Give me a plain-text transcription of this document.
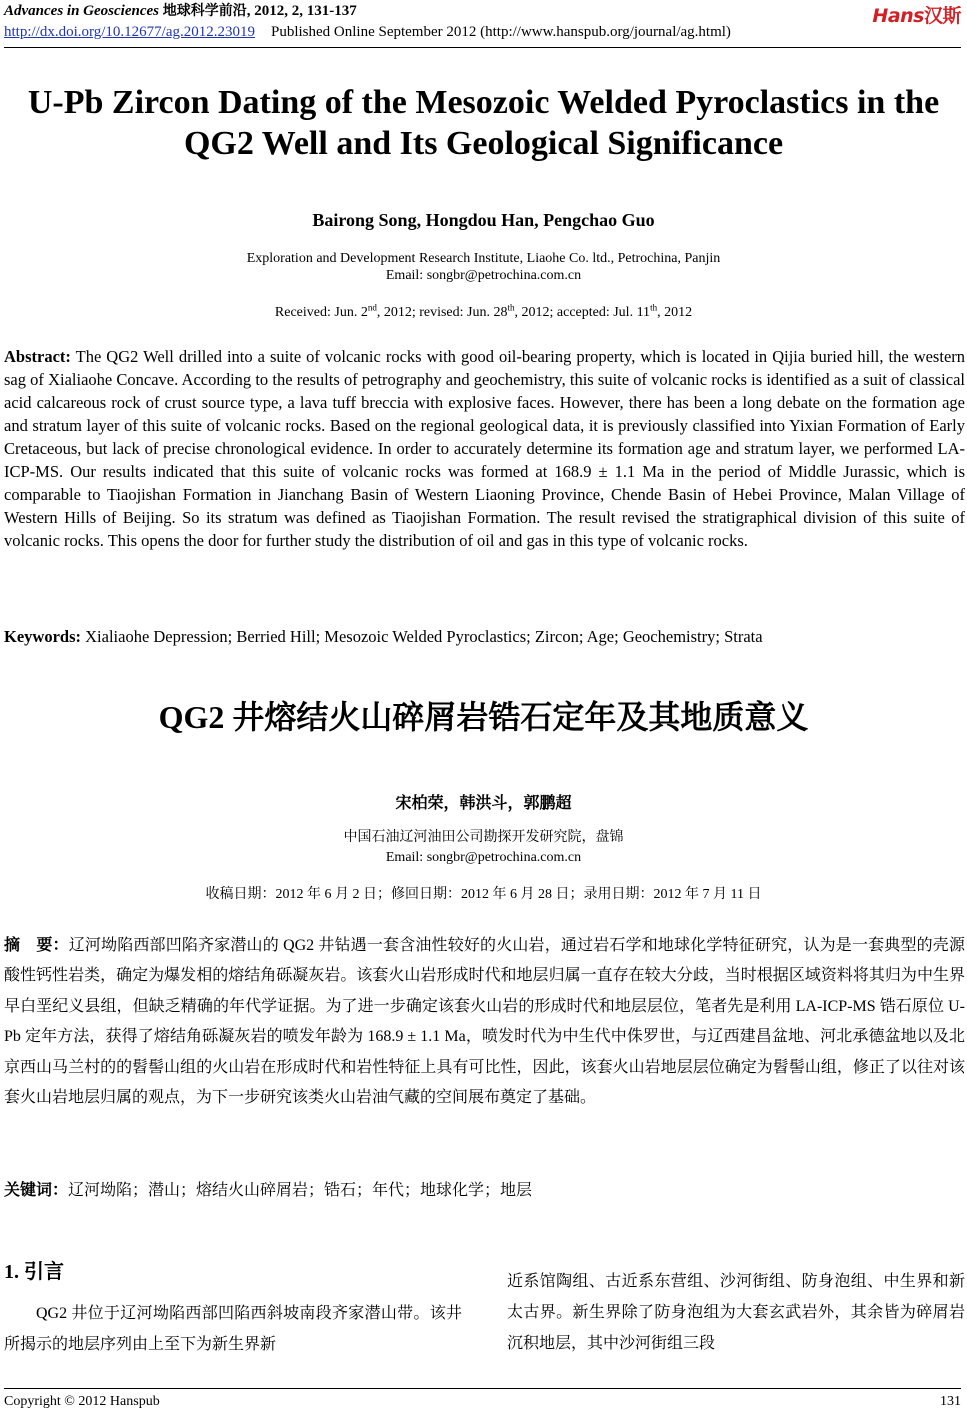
Advances in Geosciences 地球科学前沿, 2012, 2, 131-137	Hans汉斯
http://dx.doi.org/10.12677/ag.2012.23019 Published Online September 2012 (http://www.hanspub.org/journal/ag.html)
U-Pb Zircon Dating of the Mesozoic Welded Pyroclastics in the QG2 Well and Its Geological Significance
Bairong Song, Hongdou Han, Pengchao Guo
Exploration and Development Research Institute, Liaohe Co. ltd., Petrochina, Panjin
Email: songbr@petrochina.com.cn
Received: Jun. 2nd, 2012; revised: Jun. 28th, 2012; accepted: Jul. 11th, 2012
Abstract: The QG2 Well drilled into a suite of volcanic rocks with good oil-bearing property, which is located in Qijia buried hill, the western sag of Xialiaohe Concave. According to the results of petrography and geochemistry, this suite of volcanic rocks is identified as a suit of classical acid calcareous rock of crust source type, a lava tuff breccia with explosive faces. However, there has been a long debate on the formation age and stratum layer of this suite of volcanic rocks. Based on the regional geological data, it is previously classified into Yixian Formation of Early Cretaceous, but lack of precise chronological evidence. In order to accurately determine its formation age and stratum layer, we performed LA-ICP-MS. Our results indicated that this suite of volcanic rocks was formed at 168.9 ± 1.1 Ma in the period of Middle Jurassic, which is comparable to Tiaojishan Formation in Jianchang Basin of Western Liaoning Province, Chende Basin of Hebei Province, Malan Village of Western Hills of Beijing. So its stratum was defined as Tiaojishan Formation. The result revised the stratigraphical division of this suite of volcanic rocks. This opens the door for further study the distribution of oil and gas in this type of volcanic rocks.
Keywords: Xialiaohe Depression; Berried Hill; Mesozoic Welded Pyroclastics; Zircon; Age; Geochemistry; Strata
QG2 井熔结火山碎屑岩锆石定年及其地质意义
宋柏荣，韩洪斗，郭鹏超
中国石油辽河油田公司勘探开发研究院，盘锦
Email: songbr@petrochina.com.cn
收稿日期：2012 年 6 月 2 日；修回日期：2012 年 6 月 28 日；录用日期：2012 年 7 月 11 日
摘　要：辽河坳陷西部凹陷齐家潜山的 QG2 井钻遇一套含油性较好的火山岩，通过岩石学和地球化学特征研究，认为是一套典型的壳源酸性钙性岩类，确定为爆发相的熔结角砾凝灰岩。该套火山岩形成时代和地层归属一直存在较大分歧，当时根据区域资料将其归为中生界早白垩纪义县组，但缺乏精确的年代学证据。为了进一步确定该套火山岩的形成时代和地层层位，笔者先是利用 LA-ICP-MS 锆石原位 U-Pb 定年方法，获得了熔结角砾凝灰岩的喷发年龄为 168.9 ± 1.1 Ma，喷发时代为中生代中侏罗世，与辽西建昌盆地、河北承德盆地以及北京西山马兰村的的髫髻山组的火山岩在形成时代和岩性特征上具有可比性，因此，该套火山岩地层层位确定为髫髻山组，修正了以往对该套火山岩地层归属的观点，为下一步研究该类火山岩油气藏的空间展布奠定了基础。
关键词：辽河坳陷；潜山；熔结火山碎屑岩；锆石；年代；地球化学；地层
1. 引言
QG2 井位于辽河坳陷西部凹陷西斜坡南段齐家潜山带。该井所揭示的地层序列由上至下为新生界新
近系馆陶组、古近系东营组、沙河街组、防身泡组、中生界和新太古界。新生界除了防身泡组为大套玄武岩外，其余皆为碎屑岩沉积地层，其中沙河街组三段
Copyright © 2012 Hanspub	131
